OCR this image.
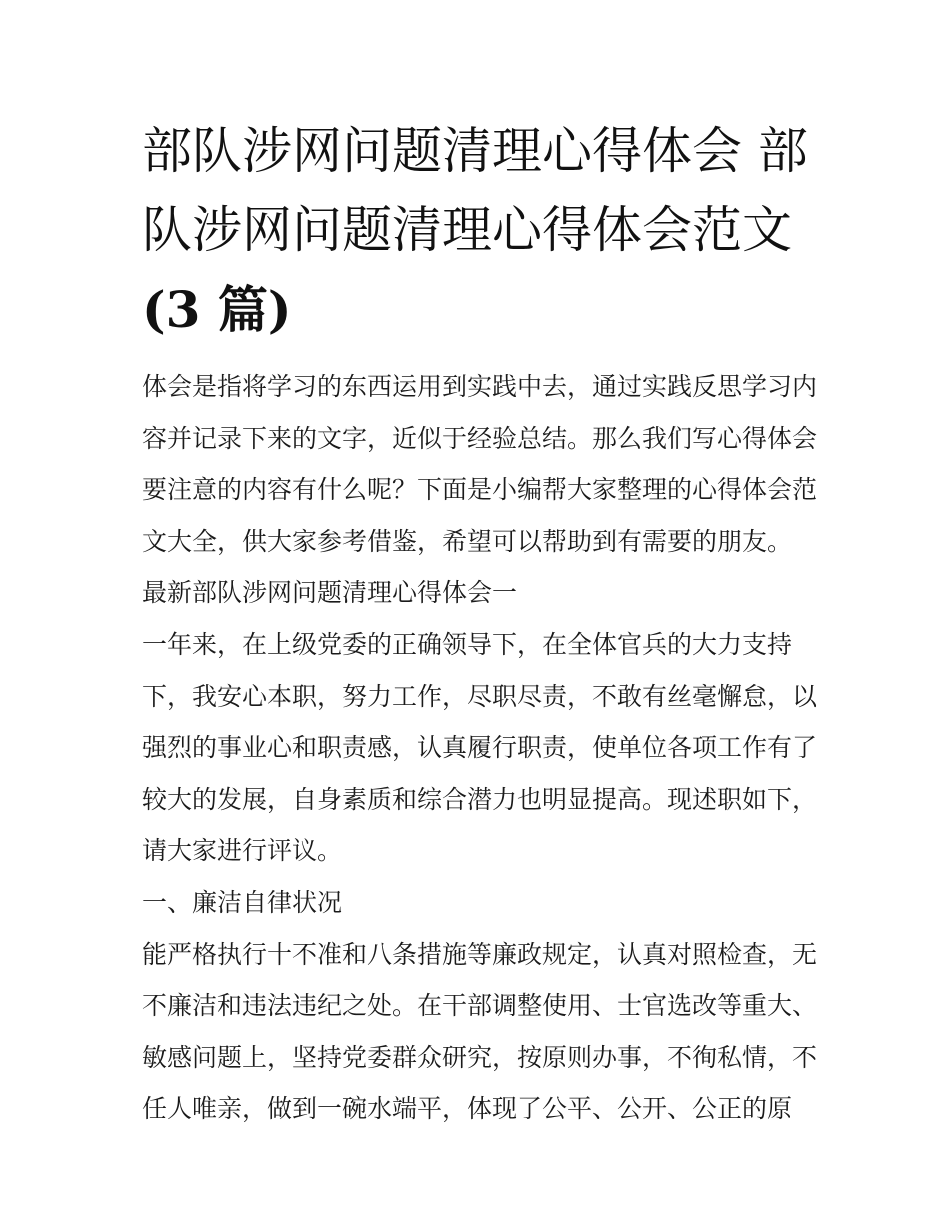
部队涉网问题清理心得体会 部
队涉网问题清理心得体会范文
(3 篇)
体会是指将学习的东西运用到实践中去，通过实践反思学习内
容并记录下来的文字，近似于经验总结。那么我们写心得体会
要注意的内容有什么呢？下面是小编帮大家整理的心得体会范
文大全，供大家参考借鉴，希望可以帮助到有需要的朋友。
最新部队涉网问题清理心得体会一
一年来，在上级党委的正确领导下，在全体官兵的大力支持
下，我安心本职，努力工作，尽职尽责，不敢有丝毫懈怠，以
强烈的事业心和职责感，认真履行职责，使单位各项工作有了
较大的发展，自身素质和综合潜力也明显提高。现述职如下，
请大家进行评议。
一、廉洁自律状况
能严格执行十不准和八条措施等廉政规定，认真对照检查，无
不廉洁和违法违纪之处。在干部调整使用、士官选改等重大、
敏感问题上，坚持党委群众研究，按原则办事，不徇私情，不
任人唯亲，做到一碗水端平，体现了公平、公开、公正的原
